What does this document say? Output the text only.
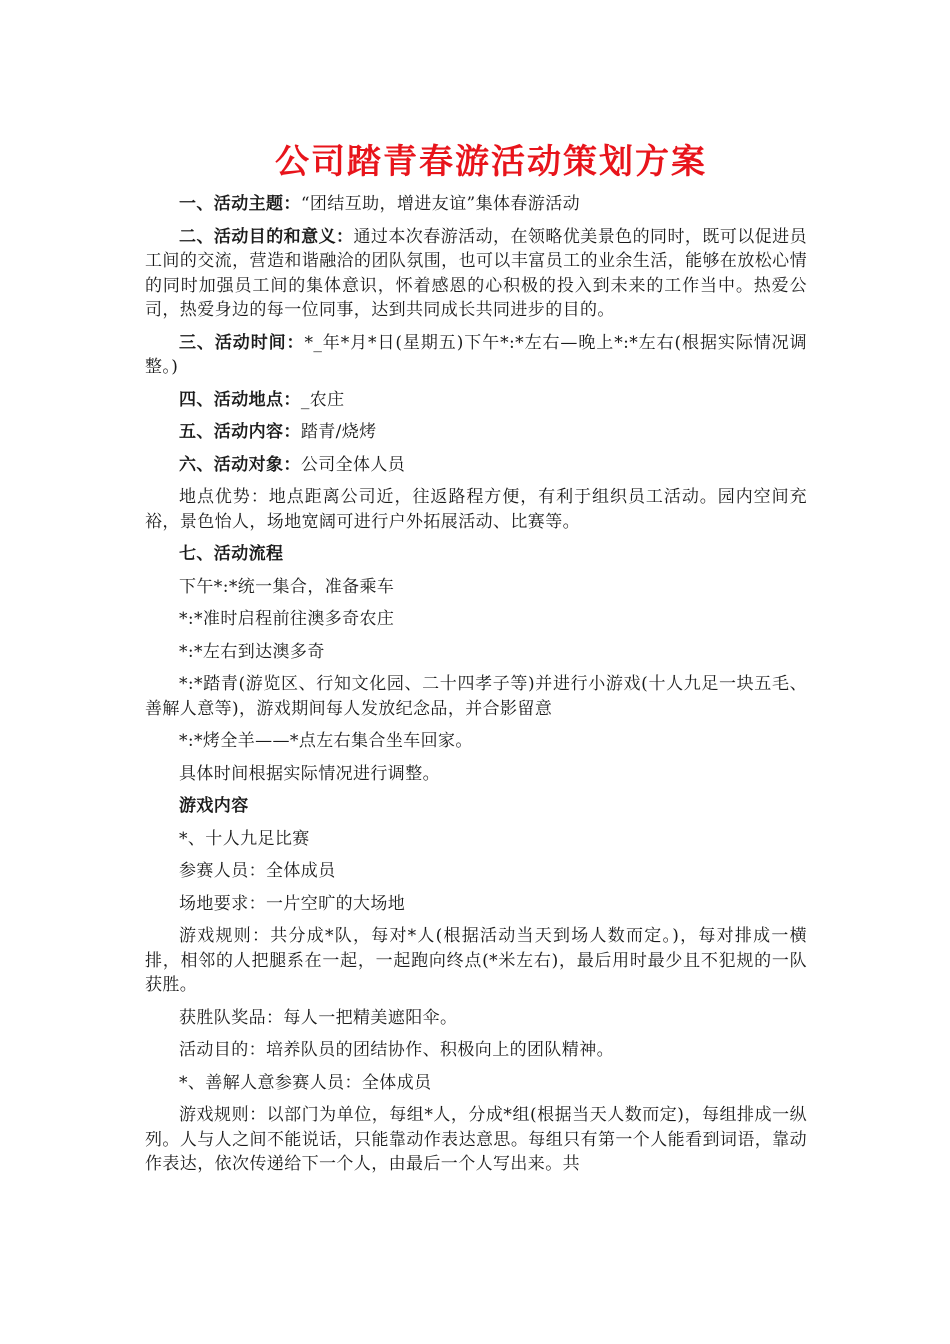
公司踏青春游活动策划方案

一、活动主题：“团结互助，增进友谊”集体春游活动

二、活动目的和意义：通过本次春游活动，在领略优美景色的同时，既可以促进员工间的交流，营造和谐融洽的团队氛围，也可以丰富员工的业余生活，能够在放松心情的同时加强员工间的集体意识，怀着感恩的心积极的投入到未来的工作当中。热爱公司，热爱身边的每一位同事，达到共同成长共同进步的目的。

三、活动时间：*_年*月*日(星期五)下午*:*左右—晚上*:*左右(根据实际情况调整。)

四、活动地点：_农庄

五、活动内容：踏青/烧烤

六、活动对象：公司全体人员

地点优势：地点距离公司近，往返路程方便，有利于组织员工活动。园内空间充裕，景色怡人，场地宽阔可进行户外拓展活动、比赛等。

七、活动流程

下午*:*统一集合，准备乘车

*:*准时启程前往澳多奇农庄

*:*左右到达澳多奇

*:*踏青(游览区、行知文化园、二十四孝子等)并进行小游戏(十人九足一块五毛、善解人意等)，游戏期间每人发放纪念品，并合影留意

*:*烤全羊——*点左右集合坐车回家。

具体时间根据实际情况进行调整。

游戏内容

*、十人九足比赛

参赛人员：全体成员

场地要求：一片空旷的大场地

游戏规则：共分成*队，每对*人(根据活动当天到场人数而定。)，每对排成一横排，相邻的人把腿系在一起，一起跑向终点(*米左右)，最后用时最少且不犯规的一队获胜。

获胜队奖品：每人一把精美遮阳伞。

活动目的：培养队员的团结协作、积极向上的团队精神。

*、善解人意参赛人员：全体成员

游戏规则：以部门为单位，每组*人，分成*组(根据当天人数而定)，每组排成一纵列。人与人之间不能说话，只能靠动作表达意思。每组只有第一个人能看到词语，靠动作表达，依次传递给下一个人，由最后一个人写出来。共
